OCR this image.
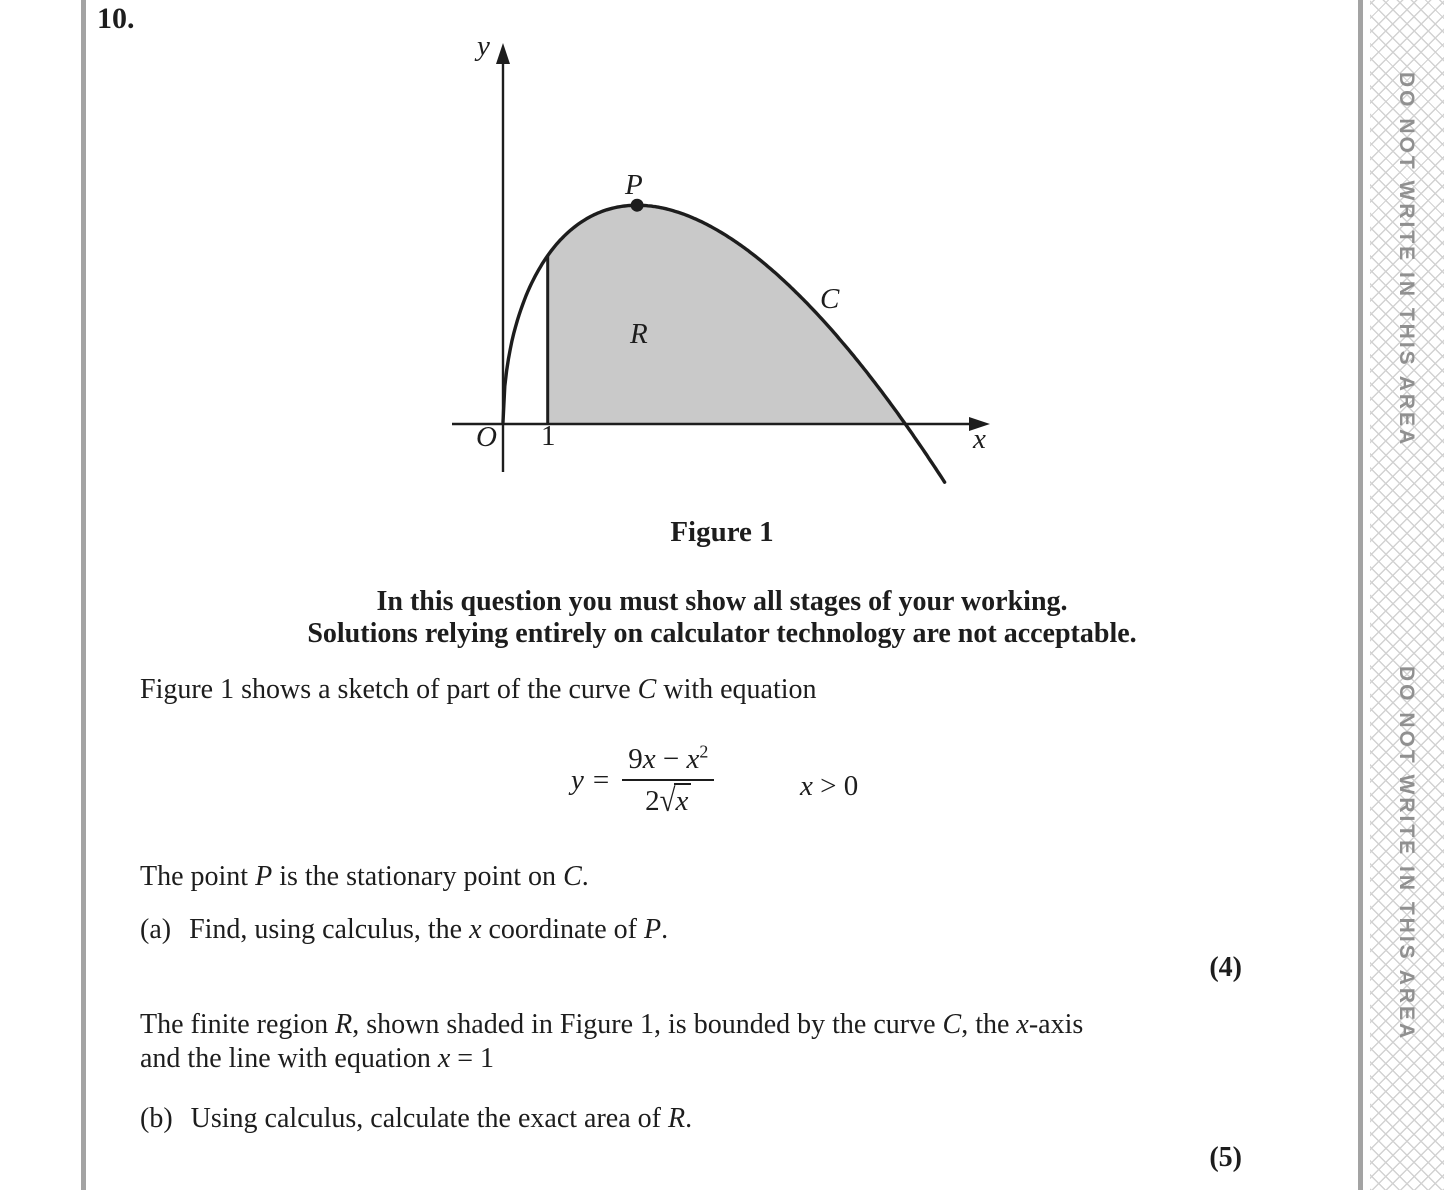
DO NOT WRITE IN THIS AREA
DO NOT WRITE IN THIS AREA
10.
y
x
O 1
P
R
C
Figure 1
In this question you must show all stages of your working.
Solutions relying entirely on calculator technology are not acceptable.
Figure 1 shows a sketch of part of the curve C with equation
$y = \frac{9x - x^2}{2√x}$	x > 0
The point P is the stationary point on C.
(a) Find, using calculus, the x coordinate of P.
(4)
The finite region R, shown shaded in Figure 1, is bounded by the curve C, the x-axis
and the line with equation x = 1
(b) Using calculus, calculate the exact area of R.
(5)
